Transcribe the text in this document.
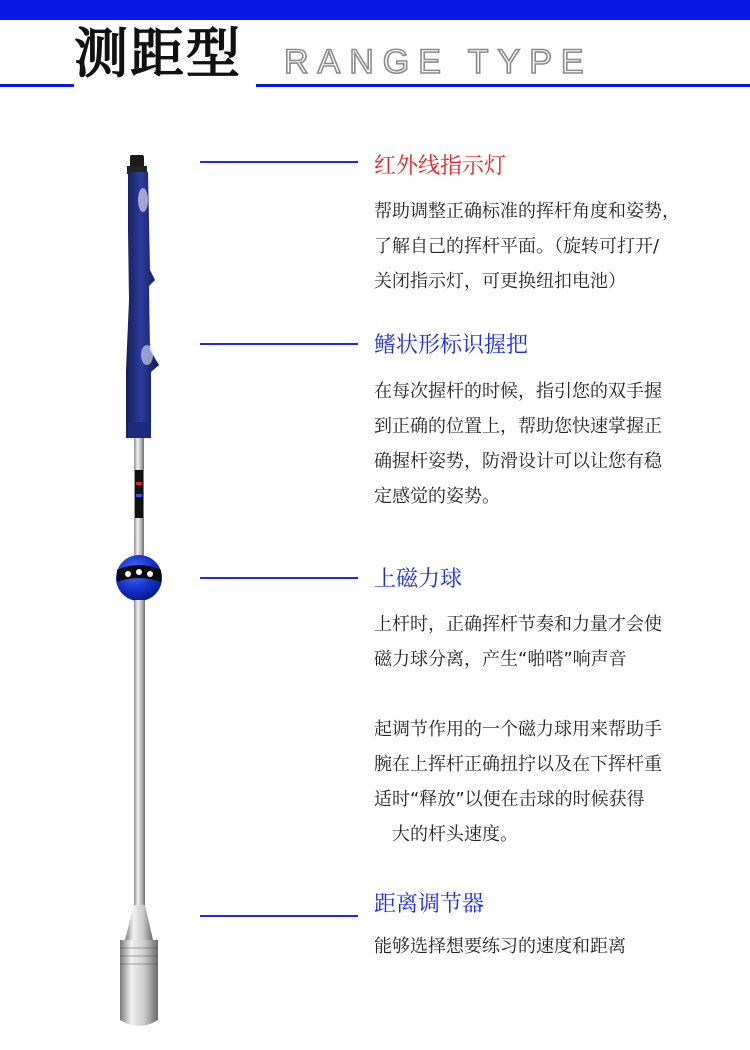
测距型 RANGE TYPE
红外线指示灯
帮助调整正确标准的挥杆角度和姿势，
了解自己的挥杆平面。（旋转可打开/
关闭指示灯，可更换纽扣电池）
鳍状形标识握把
在每次握杆的时候，指引您的双手握
到正确的位置上，帮助您快速掌握正
确握杆姿势，防滑设计可以让您有稳
定感觉的姿势。
上磁力球
上杆时，正确挥杆节奏和力量才会使
磁力球分离，产生“啪嗒”响声音
起调节作用的一个磁力球用来帮助手
腕在上挥杆正确扭拧以及在下挥杆重
适时“释放”以便在击球的时候获得
大的杆头速度。
距离调节器
能够选择想要练习的速度和距离
